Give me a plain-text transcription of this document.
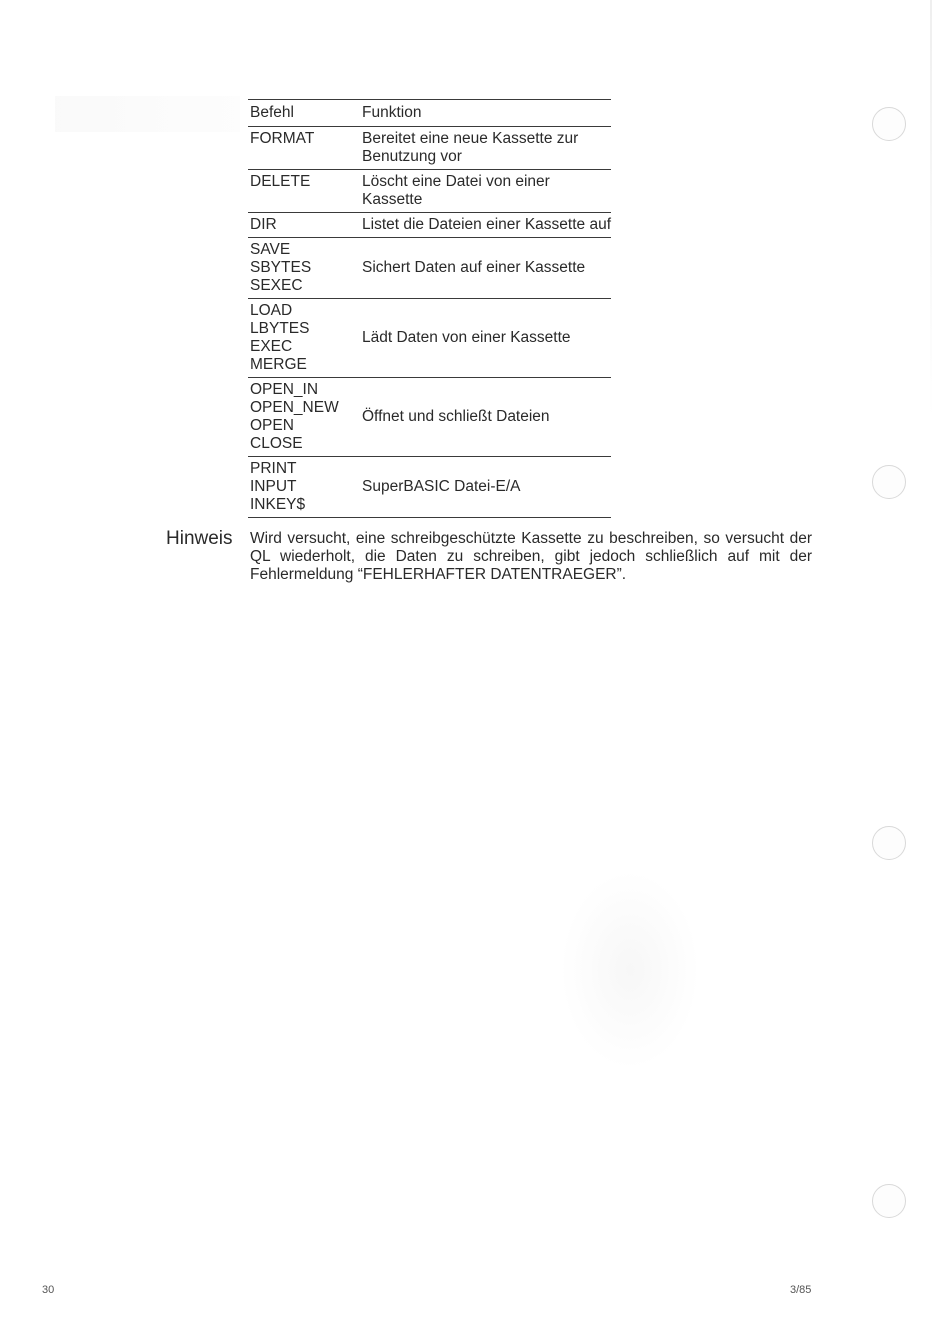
Befehl	Funktion

FORMAT	Bereitet eine neue Kassette zur Benutzung vor

DELETE	Löscht eine Datei von einer Kassette

DIR	Listet die Dateien einer Kassette auf

SAVE
SBYTES
SEXEC	Sichert Daten auf einer Kassette

LOAD
LBYTES
EXEC
MERGE	Lädt Daten von einer Kassette

OPEN_IN
OPEN_NEW
OPEN
CLOSE	Öffnet und schließt Dateien

PRINT
INPUT
INKEY$	SuperBASIC Datei-E/A
Hinweis Wird versucht, eine schreibgeschützte Kassette zu beschreiben, so versucht der QL wiederholt, die Daten zu schreiben, gibt jedoch schließlich auf mit der Fehlermeldung “FEHLERHAFTER DATENTRAEGER”.
30	3/85
